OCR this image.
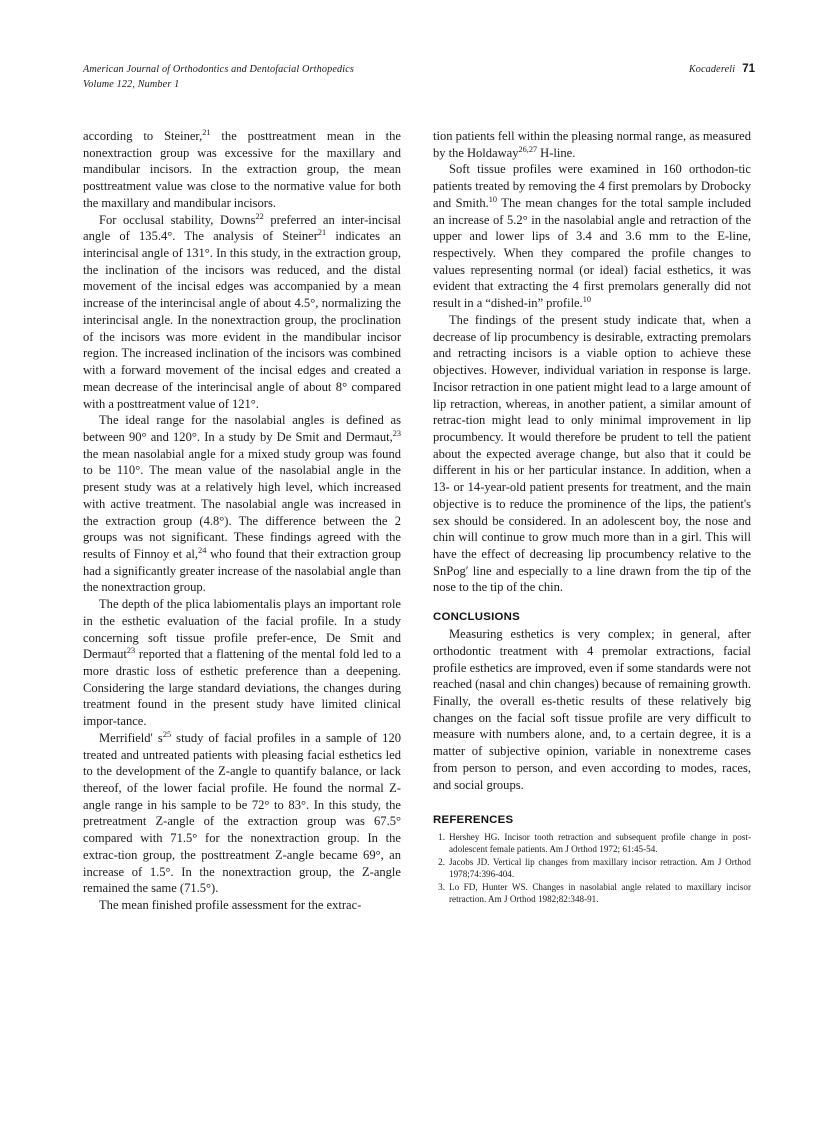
American Journal of Orthodontics and Dentofacial Orthopedics
Volume 122, Number 1
Kocadereli 71

according to Steiner,$^{21}$ the posttreatment mean in the nonextraction group was excessive for the maxillary and mandibular incisors. In the extraction group, the mean posttreatment value was close to the normative value for both the maxillary and mandibular incisors.

For occlusal stability, Downs$^{22}$ preferred an inter-incisal angle of 135.4°. The analysis of Steiner$^{21}$ indicates an interincisal angle of 131°. In this study, in the extraction group, the inclination of the incisors was reduced, and the distal movement of the incisal edges was accompanied by a mean increase of the interincisal angle of about 4.5°, normalizing the interincisal angle. In the nonextraction group, the proclination of the incisors was more evident in the mandibular incisor region. The increased inclination of the incisors was combined with a forward movement of the incisal edges and created a mean decrease of the interincisal angle of about 8° compared with a posttreatment value of 121°.

The ideal range for the nasolabial angles is defined as between 90° and 120°. In a study by De Smit and Dermaut,$^{23}$ the mean nasolabial angle for a mixed study group was found to be 110°. The mean value of the nasolabial angle in the present study was at a relatively high level, which increased with active treatment. The nasolabial angle was increased in the extraction group (4.8°). The difference between the 2 groups was not significant. These findings agreed with the results of Finnoy et al,$^{24}$ who found that their extraction group had a significantly greater increase of the nasolabial angle than the nonextraction group.

The depth of the plica labiomentalis plays an important role in the esthetic evaluation of the facial profile. In a study concerning soft tissue profile prefer-ence, De Smit and Dermaut$^{23}$ reported that a flattening of the mental fold led to a more drastic loss of esthetic preference than a deepening. Considering the large standard deviations, the changes during treatment found in the present study have limited clinical impor-tance.

Merrifield' $s^{25}$ study of facial profiles in a sample of 120 treated and untreated patients with pleasing facial esthetics led to the development of the Z-angle to quantify balance, or lack thereof, of the lower facial profile. He found the normal Z-angle range in his sample to be 72° to 83°. In this study, the pretreatment Z-angle of the extraction group was 67.5° compared with 71.5° for the nonextraction group. In the extrac-tion group, the posttreatment Z-angle became 69°, an increase of 1.5°. In the nonextraction group, the Z-angle remained the same (71.5°).

The mean finished profile assessment for the extrac-

tion patients fell within the pleasing normal range, as measured by the Holdaway$^{26,27}$ H-line.

Soft tissue profiles were examined in 160 orthodon-tic patients treated by removing the 4 first premolars by Drobocky and Smith.$^{10}$ The mean changes for the total sample included an increase of 5.2° in the nasolabial angle and retraction of the upper and lower lips of 3.4 and 3.6 mm to the E-line, respectively. When they compared the profile changes to values representing normal (or ideal) facial esthetics, it was evident that extracting the 4 first premolars generally did not result in a “dished-in” profile.$^{10}$

The findings of the present study indicate that, when a decrease of lip procumbency is desirable, extracting premolars and retracting incisors is a viable option to achieve these objectives. However, individual variation in response is large. Incisor retraction in one patient might lead to a large amount of lip retraction, whereas, in another patient, a similar amount of retrac-tion might lead to only minimal improvement in lip procumbency. It would therefore be prudent to tell the patient about the expected average change, but also that it could be different in his or her particular instance. In addition, when a 13- or 14-year-old patient presents for treatment, and the main objective is to reduce the prominence of the lips, the patient's sex should be considered. In an adolescent boy, the nose and chin will continue to grow much more than in a girl. This will have the effect of decreasing lip procumbency relative to the SnPog′ line and especially to a line drawn from the tip of the nose to the tip of the chin.

CONCLUSIONS

Measuring esthetics is very complex; in general, after orthodontic treatment with 4 premolar extractions, facial profile esthetics are improved, even if some standards were not reached (nasal and chin changes) because of remaining growth. Finally, the overall es-thetic results of these relatively big changes on the facial soft tissue profile are very difficult to measure with numbers alone, and, to a certain degree, it is a matter of subjective opinion, variable in nonextreme cases from person to person, and even according to modes, races, and social groups.

REFERENCES
Hershey HG. Incisor tooth retraction and subsequent profile change in post-adolescent female patients. Am J Orthod 1972; 61:45-54.
Jacobs JD. Vertical lip changes from maxillary incisor retraction. Am J Orthod 1978;74:396-404.
Lo FD, Hunter WS. Changes in nasolabial angle related to maxillary incisor retraction. Am J Orthod 1982;82:348-91.
